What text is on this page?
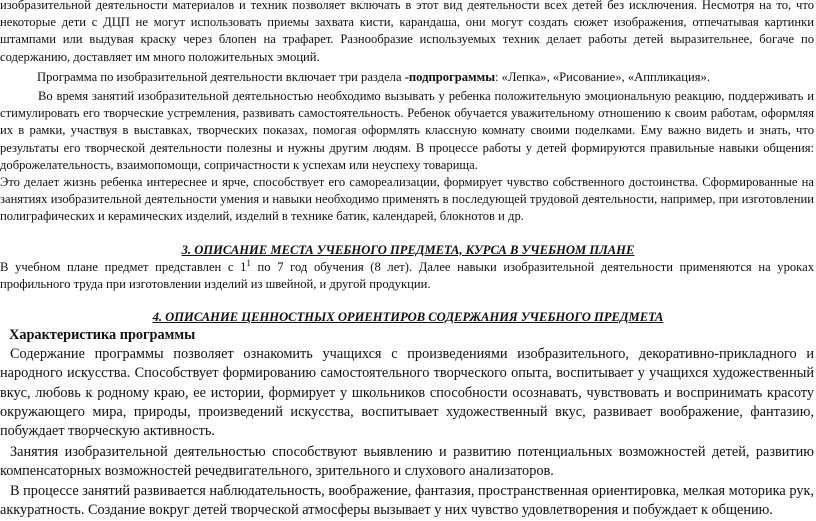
изобразительной деятельности материалов и техник позволяет включать в этот вид деятельности всех детей без исключения. Несмотря на то, что некоторые дети с ДЦП не могут использовать приемы захвата кисти, карандаша, они могут создать сюжет изображения, отпечатывая картинки штампами или выдувая краску через блопен на трафарет. Разнообразие используемых техник делает работы детей выразительнее, богаче по содержанию, доставляет им много положительных эмоций.

Программа по изобразительной деятельности включает три раздела -подпрограммы: «Лепка», «Рисование», «Аппликация».

Во время занятий изобразительной деятельностью необходимо вызывать у ребенка положительную эмоциональную реакцию, поддерживать и стимулировать его творческие устремления, развивать самостоятельность. Ребенок обучается уважительному отношению к своим работам, оформляя их в рамки, участвуя в выставках, творческих показах, помогая оформлять классную комнату своими поделками. Ему важно видеть и знать, что результаты его творческой деятельности полезны и нужны другим людям. В процессе работы у детей формируются правильные навыки общения: доброжелательность, взаимопомощи, сопричастности к успехам или неуспеху товарища.

Это делает жизнь ребенка интереснее и ярче, способствует его самореализации, формирует чувство собственного достоинства. Сформированные на занятиях изобразительной деятельности умения и навыки необходимо применять в последующей трудовой деятельности, например, при изготовлении полиграфических и керамических изделий, изделий в технике батик, календарей, блокнотов и др.

3. ОПИСАНИЕ МЕСТА УЧЕБНОГО ПРЕДМЕТА, КУРСА В УЧЕБНОМ ПЛАНЕ

В учебном плане предмет представлен с $1^1$ по 7 год обучения (8 лет). Далее навыки изобразительной деятельности применяются на уроках профильного труда при изготовлении изделий из швейной, и другой продукции.

4. ОПИСАНИЕ ЦЕННОСТНЫХ ОРИЕНТИРОВ СОДЕРЖАНИЯ УЧЕБНОГО ПРЕДМЕТА

Характеристика программы

Содержание программы позволяет ознакомить учащихся с произведениями изобразительного, декоративно-прикладного и народного искусства. Способствует формированию самостоятельного творческого опыта, воспитывает у учащихся художественный вкус, любовь к родному краю, ее истории, формирует у школьников способности осознавать, чувствовать и воспринимать красоту окружающего мира, природы, произведений искусства, воспитывает художественный вкус, развивает воображение, фантазию, побуждает творческую активность.

Занятия изобразительной деятельностью способствуют выявлению и развитию потенциальных возможностей детей, развитию компенсаторных возможностей речедвигательного, зрительного и слухового анализаторов.

В процессе занятий развивается наблюдательность, воображение, фантазия, пространственная ориентировка, мелкая моторика рук, аккуратность. Создание вокруг детей творческой атмосферы вызывает у них чувство удовлетворения и побуждает к общению.
